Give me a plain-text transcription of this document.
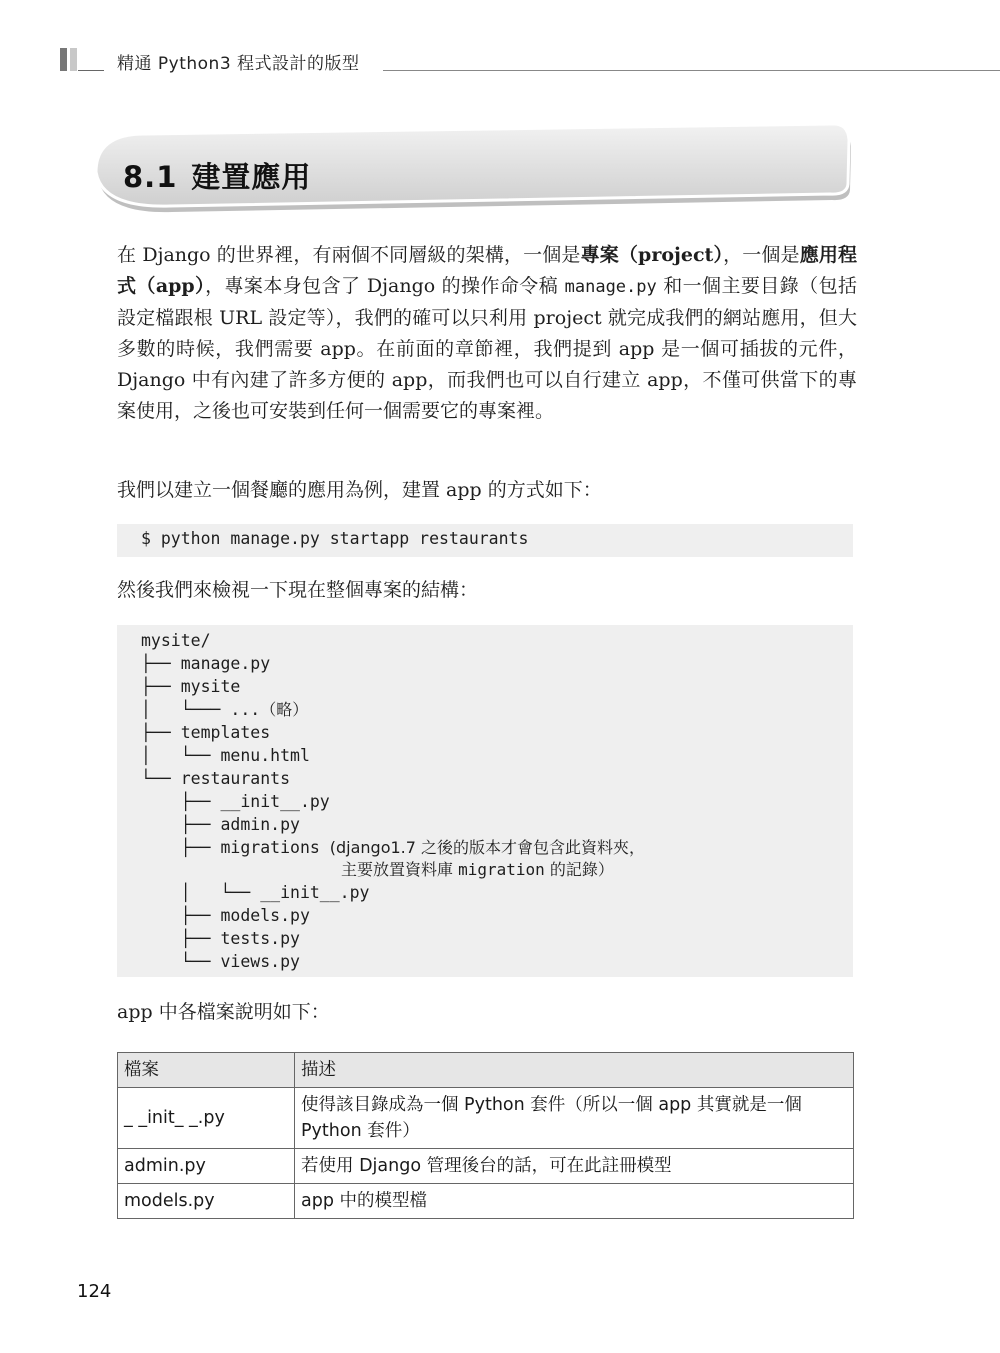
精通 Python3 程式設計的版型
8.1 建置應用
在 Django 的世界裡，有兩個不同層級的架構，一個是專案（project），一個是應用程式（app），專案本身包含了 Django 的操作命令稿 manage.py 和一個主要目錄（包括設定檔跟根 URL 設定等），我們的確可以只利用 project 就完成我們的網站應用，但大多數的時候，我們需要 app。在前面的章節裡，我們提到 app 是一個可插拔的元件，Django 中有內建了許多方便的 app，而我們也可以自行建立 app，不僅可供當下的專案使用，之後也可安裝到任何一個需要它的專案裡。
我們以建立一個餐廳的應用為例，建置 app 的方式如下：
$ python manage.py startapp restaurants
然後我們來檢視一下現在整個專案的結構：

mysite/

├── manage.py

├── mysite

│   └─── ...（略）

├── templates

│   └── menu.html

└── restaurants

├── __init__.py

├── admin.py

├── migrations (django1.7 之後的版本才會包含此資料夾，

主要放置資料庫 migration 的記錄）

│   └── __init__.py

├── models.py

├── tests.py

└── views.py

app 中各檔案說明如下：
檔案	描述
_ _init_ _.py	使得該目錄成為一個 Python 套件（所以一個 app 其實就是一個 Python 套件）
admin.py	若使用 Django 管理後台的話，可在此註冊模型
models.py	app 中的模型檔
124
